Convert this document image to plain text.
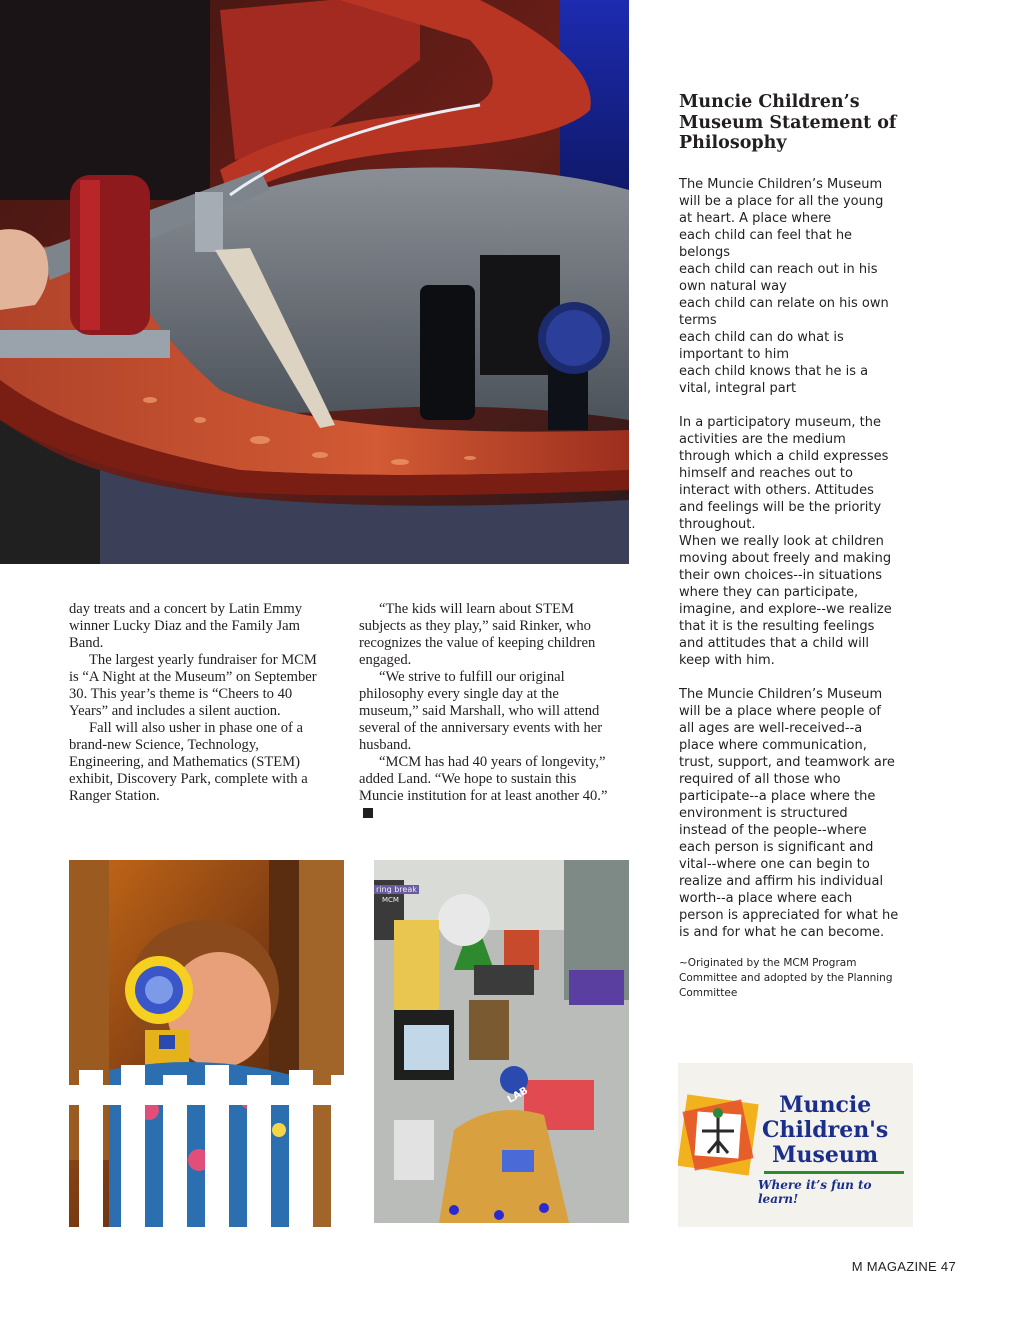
day treats and a concert by Latin Emmy winner Lucky Diaz and the Family Jam Band.

The largest yearly fundraiser for MCM is “A Night at the Museum” on September 30. This year’s theme is “Cheers to 40 Years” and includes a silent auction.

Fall will also usher in phase one of a brand-new Science, Technology, Engineering, and Mathematics (STEM) exhibit, Discovery Park, complete with a Ranger Station.

“The kids will learn about STEM subjects as they play,” said Rinker, who recognizes the value of keeping children engaged.

“We strive to fulfill our original philosophy every single day at the museum,” said Marshall, who will attend several of the anniversary events with her husband.

“MCM has had 40 years of longevity,” added Land. “We hope to sustain this Muncie institution for at least another 40.”

Muncie Children’s Museum Statement of Philosophy

The Muncie Children’s Museum will be a place for all the young at heart. A place where

each child can feel that he belongs

each child can reach out in his own natural way

each child can relate on his own terms

each child can do what is important to him

each child knows that he is a vital, integral part

In a participatory museum, the activities are the medium through which a child expresses himself and reaches out to interact with others. Attitudes and feelings will be the priority throughout.

When we really look at children moving about freely and making their own choices--in situations where they can participate, imagine, and explore--we realize that it is the resulting feelings and attitudes that a child will keep with him.

The Muncie Children’s Museum will be a place where people of all ages are well-received--a place where communication, trust, support, and teamwork are required of all those who participate--a place where the environment is structured instead of the people--where each person is significant and vital--where one can begin to realize and affirm his individual worth--a place where each person is appreciated for what he is and for what he can become.

~Originated by the MCM Program Committee and adopted by the Planning Committee
ring break
MCM
LAB	Muncie
Children's
Museum
Where it’s fun to learn!
M MAGAZINE 47
